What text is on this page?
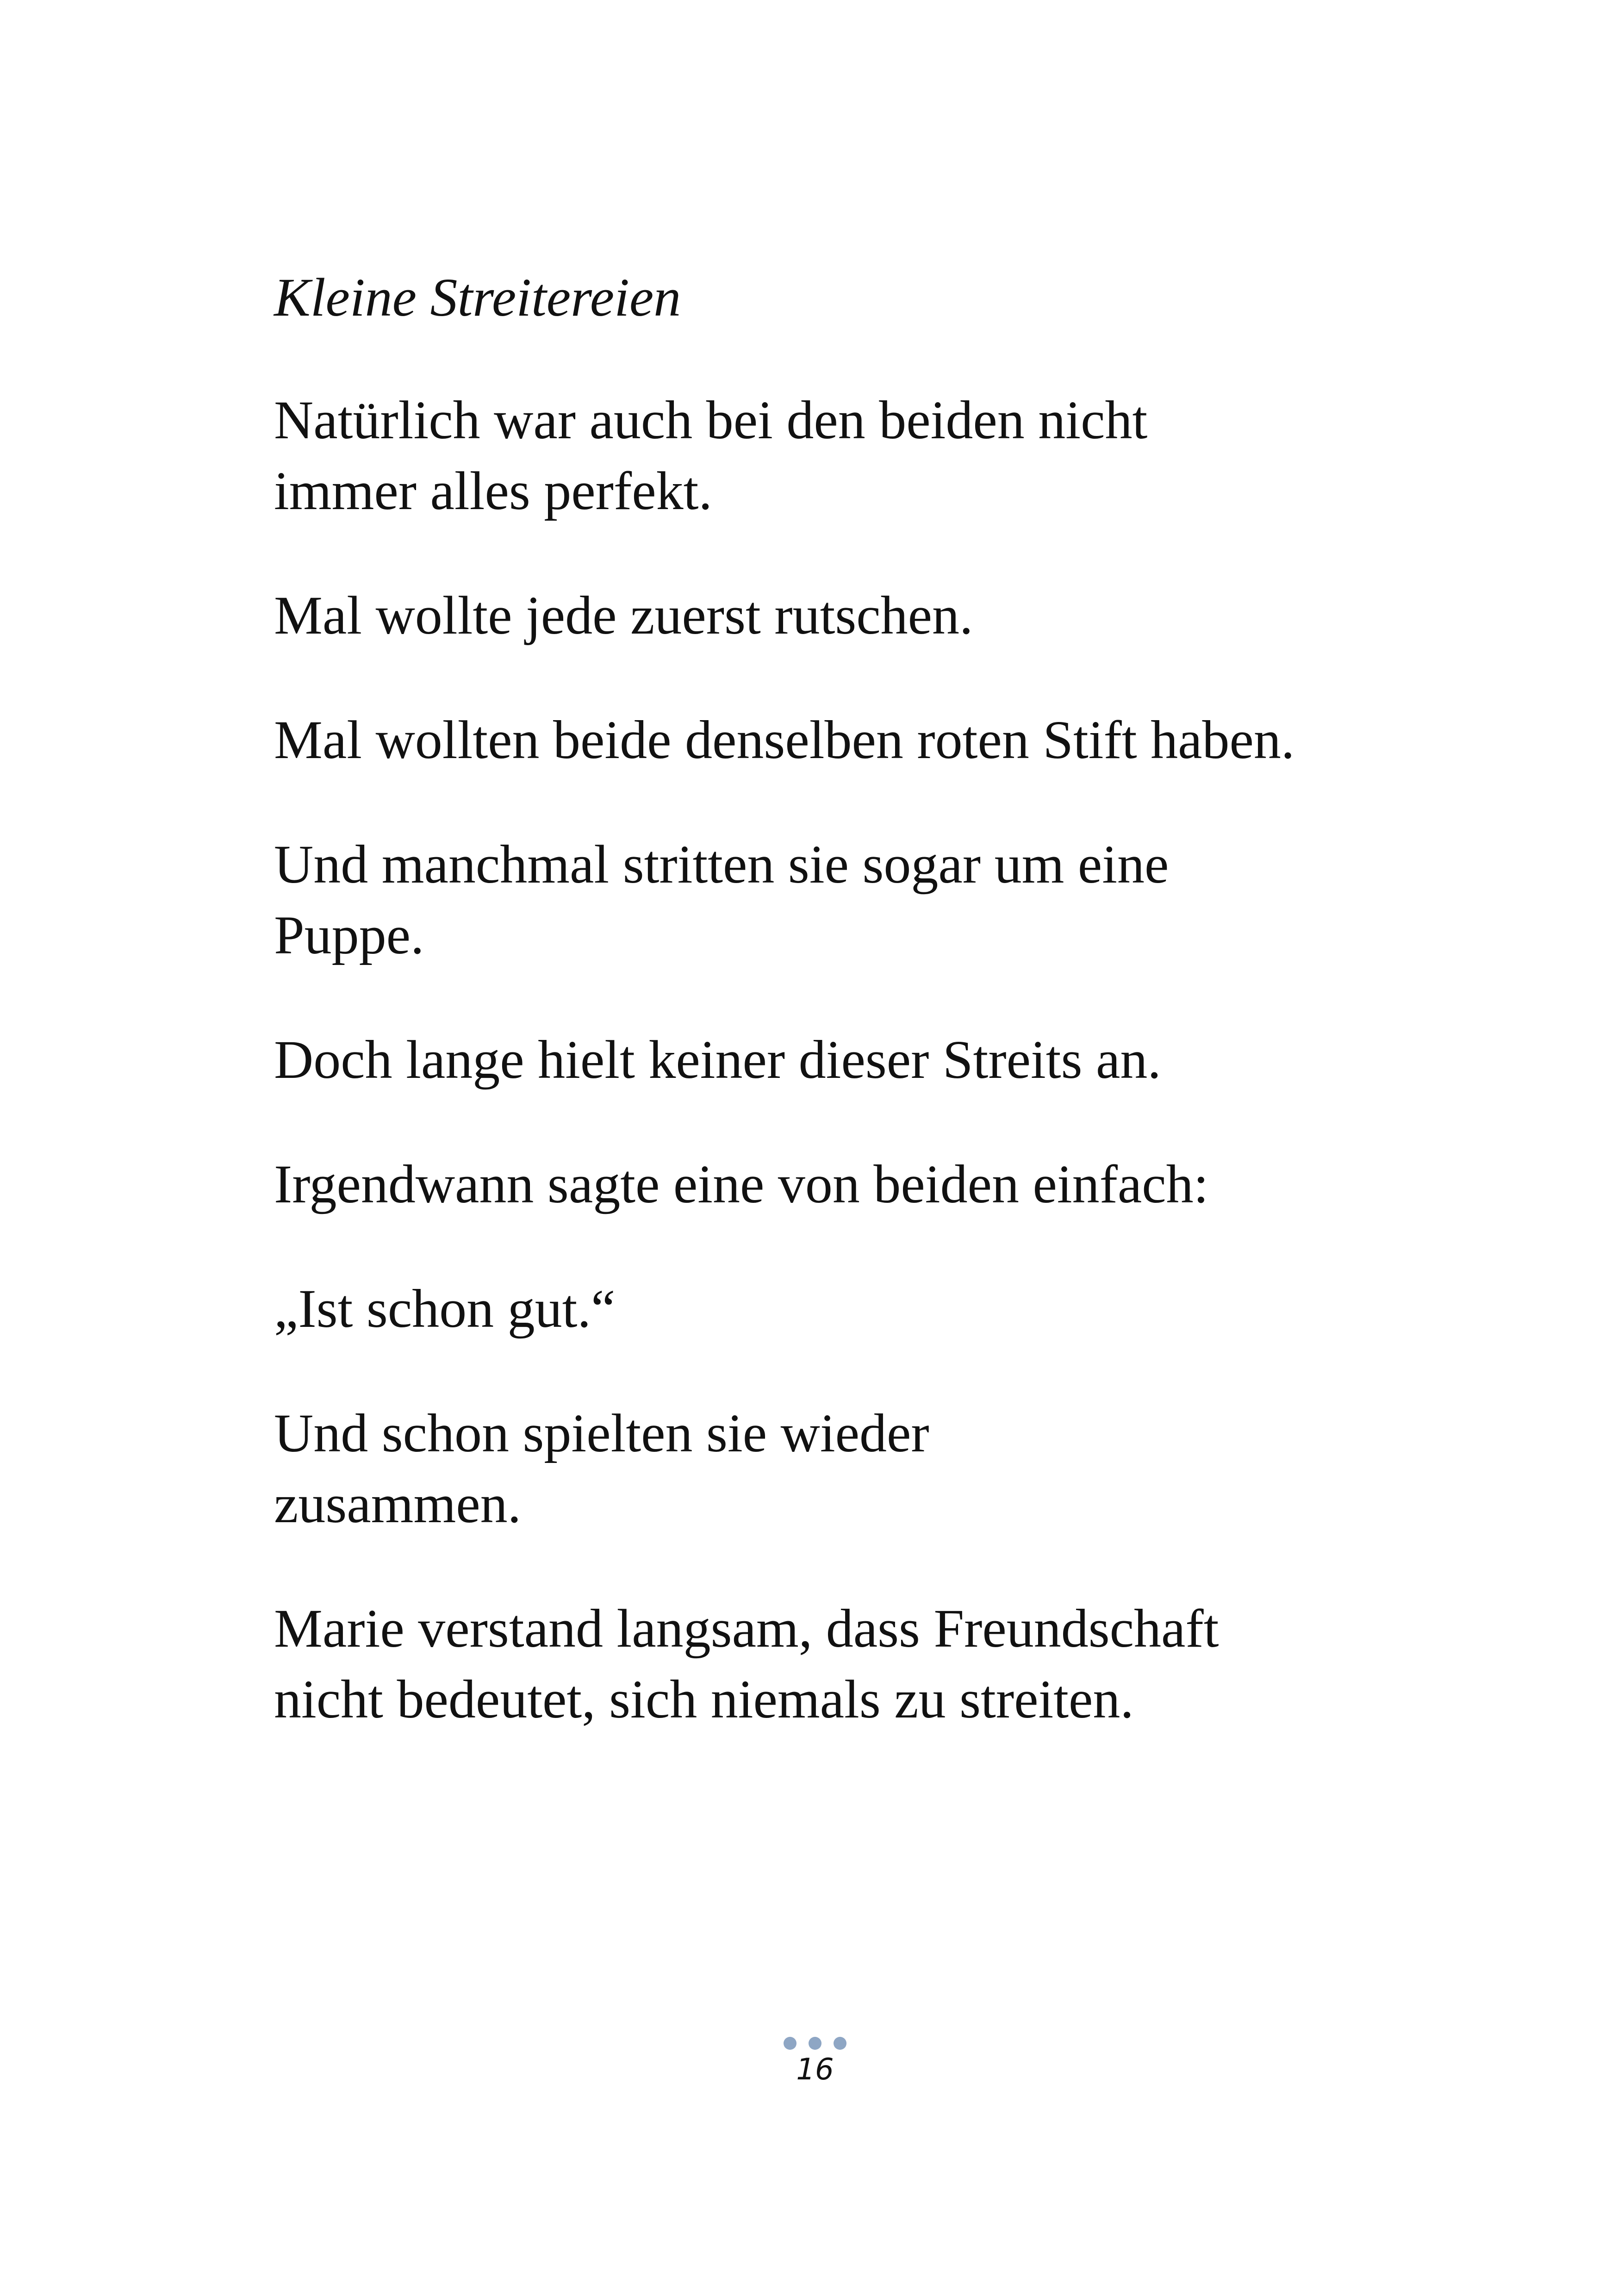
Kleine Streitereien

Natürlich war auch bei den beiden nicht immer alles perfekt.

Mal wollte jede zuerst rutschen.

Mal wollten beide denselben roten Stift haben.

Und manchmal stritten sie sogar um eine Puppe.

Doch lange hielt keiner dieser Streits an.

Irgendwann sagte eine von beiden einfach:

„Ist schon gut.“

Und schon spielten sie wieder zusammen.

Marie verstand langsam, dass Freundschaft nicht bedeutet, sich niemals zu streiten.

16
